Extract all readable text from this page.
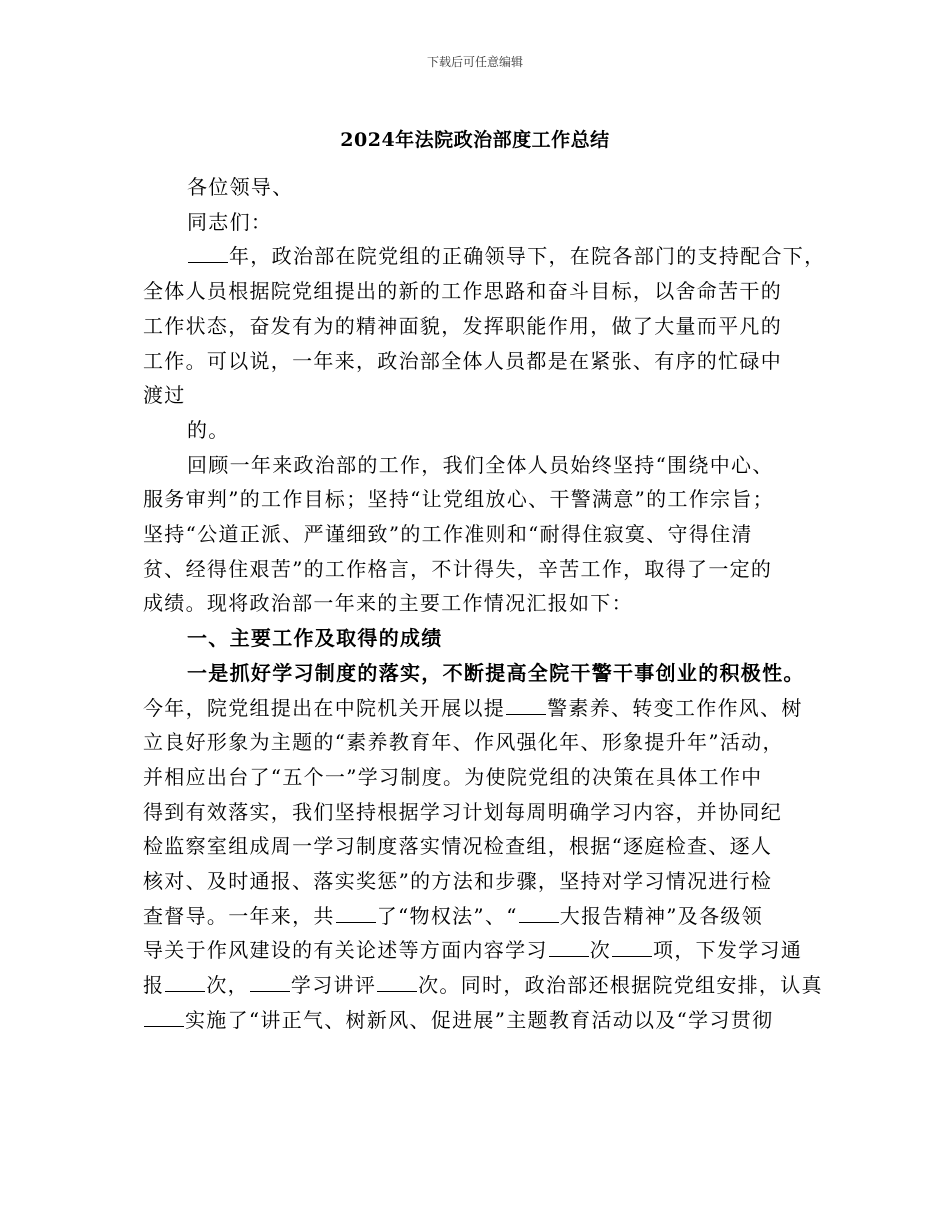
下载后可任意编辑
2024年法院政治部度工作总结

各位领导、

同志们：

年，政治部在院党组的正确领导下，在院各部门的支持配合下，

全体人员根据院党组提出的新的工作思路和奋斗目标，以舍命苦干的

工作状态，奋发有为的精神面貌，发挥职能作用，做了大量而平凡的

工作。可以说，一年来，政治部全体人员都是在紧张、有序的忙碌中

渡过

的。

回顾一年来政治部的工作，我们全体人员始终坚持“围绕中心、

服务审判”的工作目标；坚持“让党组放心、干警满意”的工作宗旨；

坚持“公道正派、严谨细致”的工作准则和“耐得住寂寞、守得住清

贫、经得住艰苦”的工作格言，不计得失，辛苦工作，取得了一定的

成绩。现将政治部一年来的主要工作情况汇报如下：

一、主要工作及取得的成绩

一是抓好学习制度的落实，不断提高全院干警干事创业的积极性。

今年，院党组提出在中院机关开展以提 警素养、转变工作作风、树

立良好形象为主题的“素养教育年、作风强化年、形象提升年”活动，

并相应出台了“五个一”学习制度。为使院党组的决策在具体工作中

得到有效落实，我们坚持根据学习计划每周明确学习内容，并协同纪

检监察室组成周一学习制度落实情况检查组，根据“逐庭检查、逐人

核对、及时通报、落实奖惩”的方法和步骤，坚持对学习情况进行检

查督导。一年来，共 了“物权法”、“ 大报告精神”及各级领

导关于作风建设的有关论述等方面内容学习 次 项，下发学习通

报 次， 学习讲评 次。同时，政治部还根据院党组安排，认真

实施了“讲正气、树新风、促进展”主题教育活动以及“学习贯彻
